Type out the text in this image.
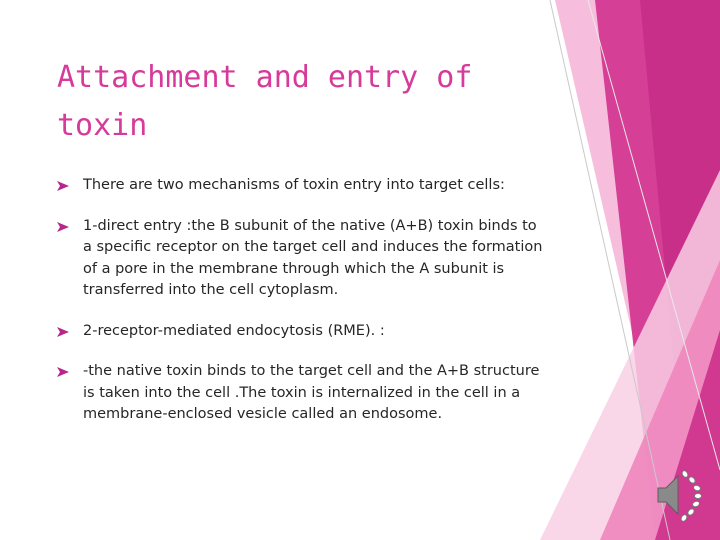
Attachment and entry of toxin
There are two mechanisms of toxin entry into target cells:
1-direct entry :the B subunit of the native (A+B) toxin binds to a specific receptor on the target cell and induces the formation of a pore in the membrane through which the A subunit is transferred into the cell cytoplasm.
2-receptor-mediated endocytosis (RME). :
-the native toxin binds to the target cell and the A+B structure is taken into the cell .The toxin is internalized in the cell in a membrane-enclosed vesicle called an endosome.
